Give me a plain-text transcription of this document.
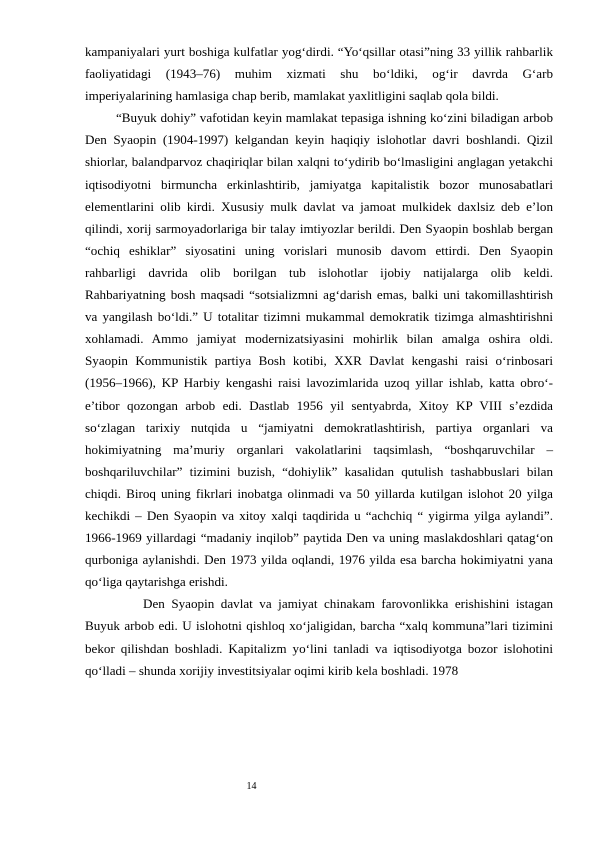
kampaniyalari yurt boshiga kulfatlar yog‘dirdi. “Yo‘qsillar otasi”ning 33 yillik rahbarlik faoliyatidagi (1943–76) muhim xizmati shu bo‘ldiki, og‘ir davrda G‘arb imperiyalarining hamlasiga chap berib, mamlakat yaxlitligini saqlab qola bildi.

“Buyuk dohiy” vafotidan keyin mamlakat tepasiga ishning ko‘zini biladigan arbob Den Syaopin (1904-1997) kelgandan keyin haqiqiy islohotlar davri boshlandi. Qizil shiorlar, balandparvoz chaqiriqlar bilan xalqni to‘ydirib bo‘lmasligini anglagan yetakchi iqtisodiyotni birmuncha erkinlashtirib, jamiyatga kapitalistik bozor munosabatlari elementlarini olib kirdi. Xususiy mulk davlat va jamoat mulkidek daxlsiz deb e’lon qilindi, xorij sarmoyadorlariga bir talay imtiyozlar berildi. Den Syaopin boshlab bergan “ochiq eshiklar” siyosatini uning vorislari munosib davom ettirdi. Den Syaopin rahbarligi davrida olib borilgan tub islohotlar ijobiy natijalarga olib keldi. Rahbariyatning bosh maqsadi “sotsializmni ag‘darish emas, balki uni takomillashtirish va yangilash bo‘ldi.” U totalitar tizimni mukammal demokratik tizimga almashtirishni xohlamadi. Ammo jamiyat modernizatsiyasini mohirlik bilan amalga oshira oldi. Syaopin Kommunistik partiya Bosh kotibi, XXR Davlat kengashi raisi o‘rinbosari (1956–1966), KP Harbiy kengashi raisi lavozimlarida uzoq yillar ishlab, katta obro‘-e’tibor qozongan arbob edi. Dastlab 1956 yil sentyabrda, Xitoy KP VIII s’ezdida so‘zlagan tarixiy nutqida u “jamiyatni demokratlashtirish, partiya organlari va hokimiyatning ma’muriy organlari vakolatlarini taqsimlash, “boshqaruvchilar – boshqariluvchilar” tizimini buzish, “dohiylik” kasalidan qutulish tashabbuslari bilan chiqdi. Biroq uning fikrlari inobatga olinmadi va 50 yillarda kutilgan islohot 20 yilga kechikdi – Den Syaopin va xitoy xalqi taqdirida u “achchiq “ yigirma yilga aylandi”. 1966-1969 yillardagi “madaniy inqilob” paytida Den va uning maslakdoshlari qatag‘on qurboniga aylanishdi. Den 1973 yilda oqlandi, 1976 yilda esa barcha hokimiyatni yana qo‘liga qaytarishga erishdi.

Den Syaopin davlat va jamiyat chinakam farovonlikka erishishini istagan Buyuk arbob edi. U islohotni qishloq xo‘jaligidan, barcha “xalq kommuna”lari tizimini bekor qilishdan boshladi. Kapitalizm yo‘lini tanladi va iqtisodiyotga bozor islohotini qo‘lladi – shunda xorijiy investitsiyalar oqimi kirib kela boshladi. 1978

14
